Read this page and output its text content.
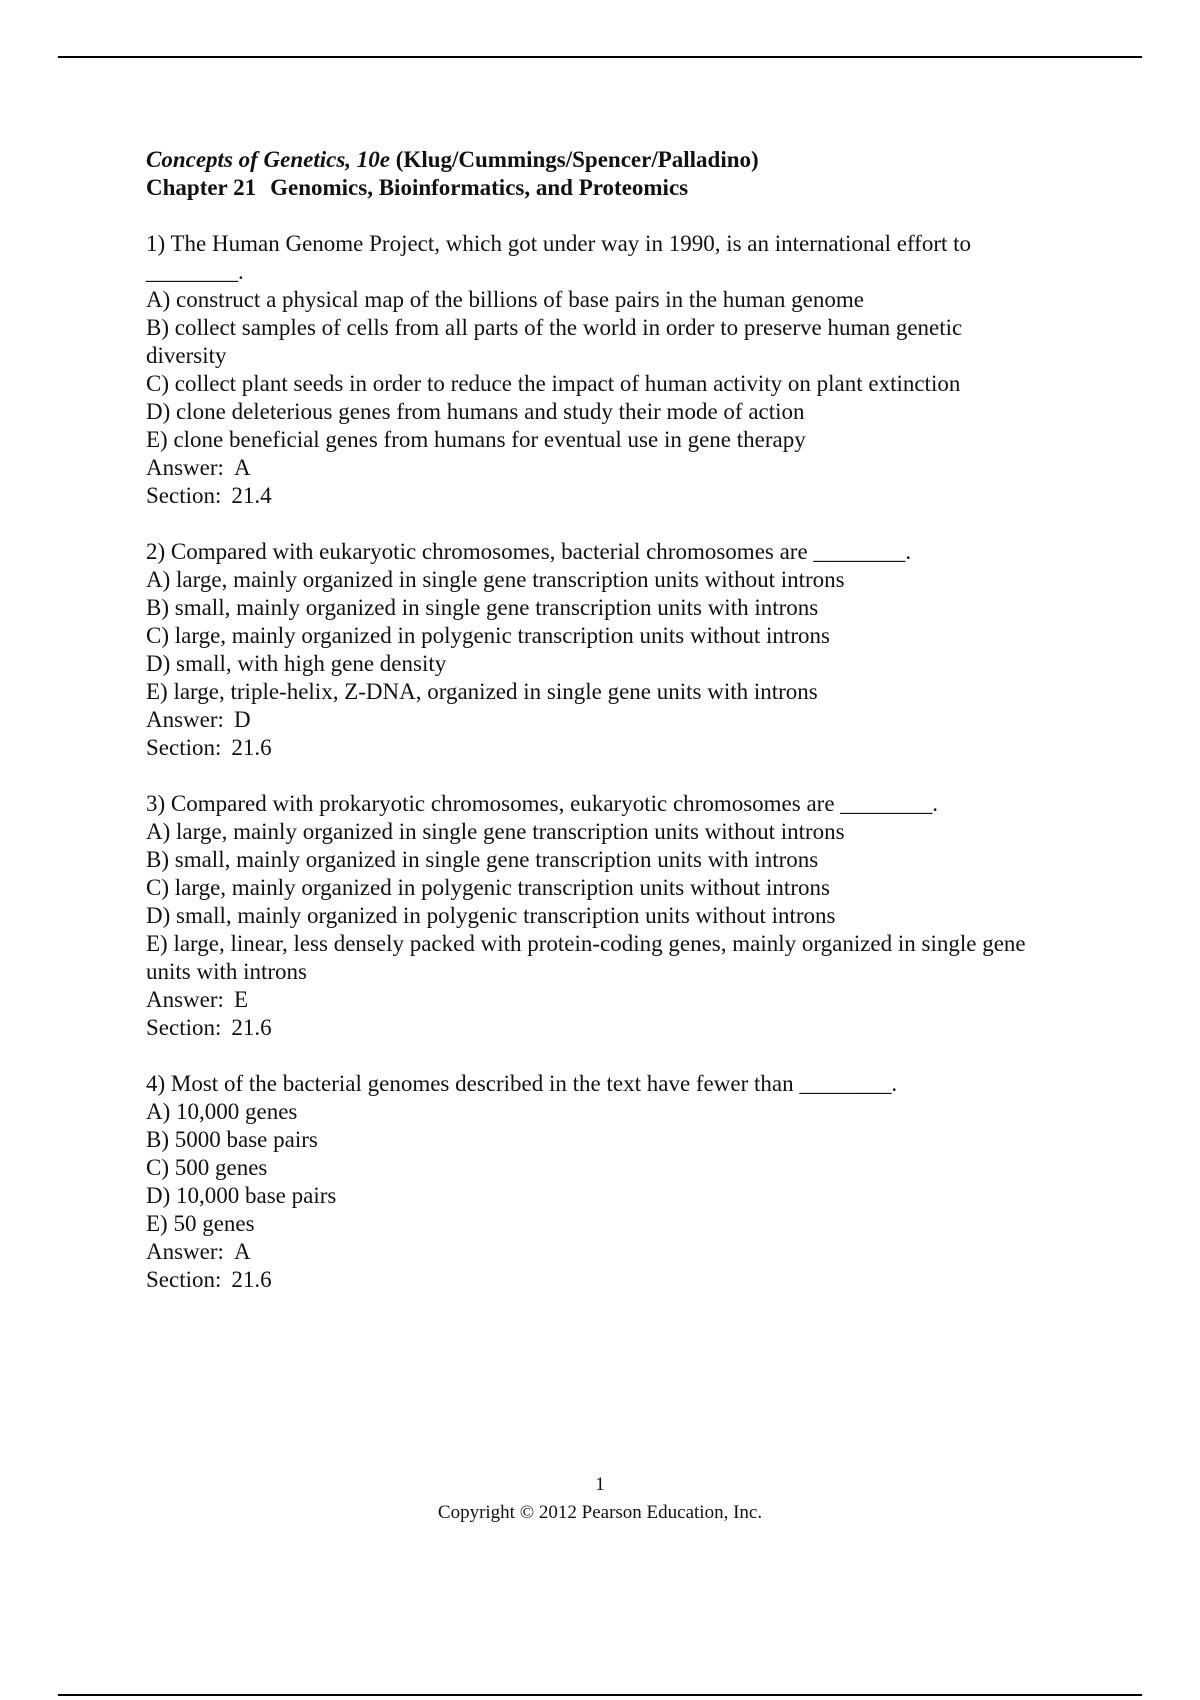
Concepts of Genetics, 10e (Klug/Cummings/Spencer/Palladino)
Chapter 21 Genomics, Bioinformatics, and Proteomics

1) The Human Genome Project, which got under way in 1990, is an international effort to ________.

A) construct a physical map of the billions of base pairs in the human genome

B) collect samples of cells from all parts of the world in order to preserve human genetic diversity

C) collect plant seeds in order to reduce the impact of human activity on plant extinction

D) clone deleterious genes from humans and study their mode of action

E) clone beneficial genes from humans for eventual use in gene therapy

Answer: A

Section: 21.4

2) Compared with eukaryotic chromosomes, bacterial chromosomes are ________.

A) large, mainly organized in single gene transcription units without introns

B) small, mainly organized in single gene transcription units with introns

C) large, mainly organized in polygenic transcription units without introns

D) small, with high gene density

E) large, triple-helix, Z-DNA, organized in single gene units with introns

Answer: D

Section: 21.6

3) Compared with prokaryotic chromosomes, eukaryotic chromosomes are ________.

A) large, mainly organized in single gene transcription units without introns

B) small, mainly organized in single gene transcription units with introns

C) large, mainly organized in polygenic transcription units without introns

D) small, mainly organized in polygenic transcription units without introns

E) large, linear, less densely packed with protein-coding genes, mainly organized in single gene units with introns

Answer: E

Section: 21.6

4) Most of the bacterial genomes described in the text have fewer than ________.

A) 10,000 genes

B) 5000 base pairs

C) 500 genes

D) 10,000 base pairs

E) 50 genes

Answer: A

Section: 21.6

1
Copyright © 2012 Pearson Education, Inc.
